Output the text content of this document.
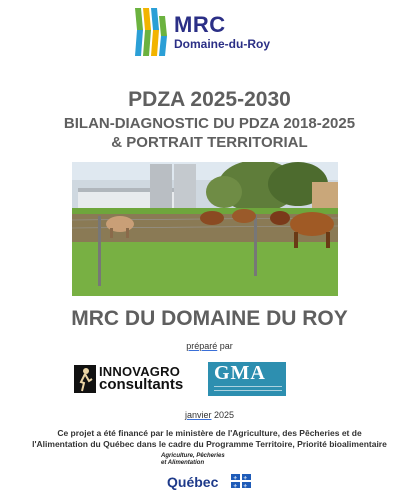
MRC
Domaine-du-Roy
PDZA 2025-2030
BILAN-DIAGNOSTIC DU PDZA 2018-2025
& PORTRAIT TERRITORIAL
MRC DU DOMAINE DU ROY
préparé par
INNOVAGRO
consultants
GMA
janvier 2025
Ce projet a été financé par le ministère de l'Agriculture, des Pêcheries et de l'Alimentation du Québec dans le cadre du Programme Territoire, Priorité bioalimentaire
Agriculture, Pêcheries
et Alimentation
Québec	⚜ ⚜
⚜ ⚜
